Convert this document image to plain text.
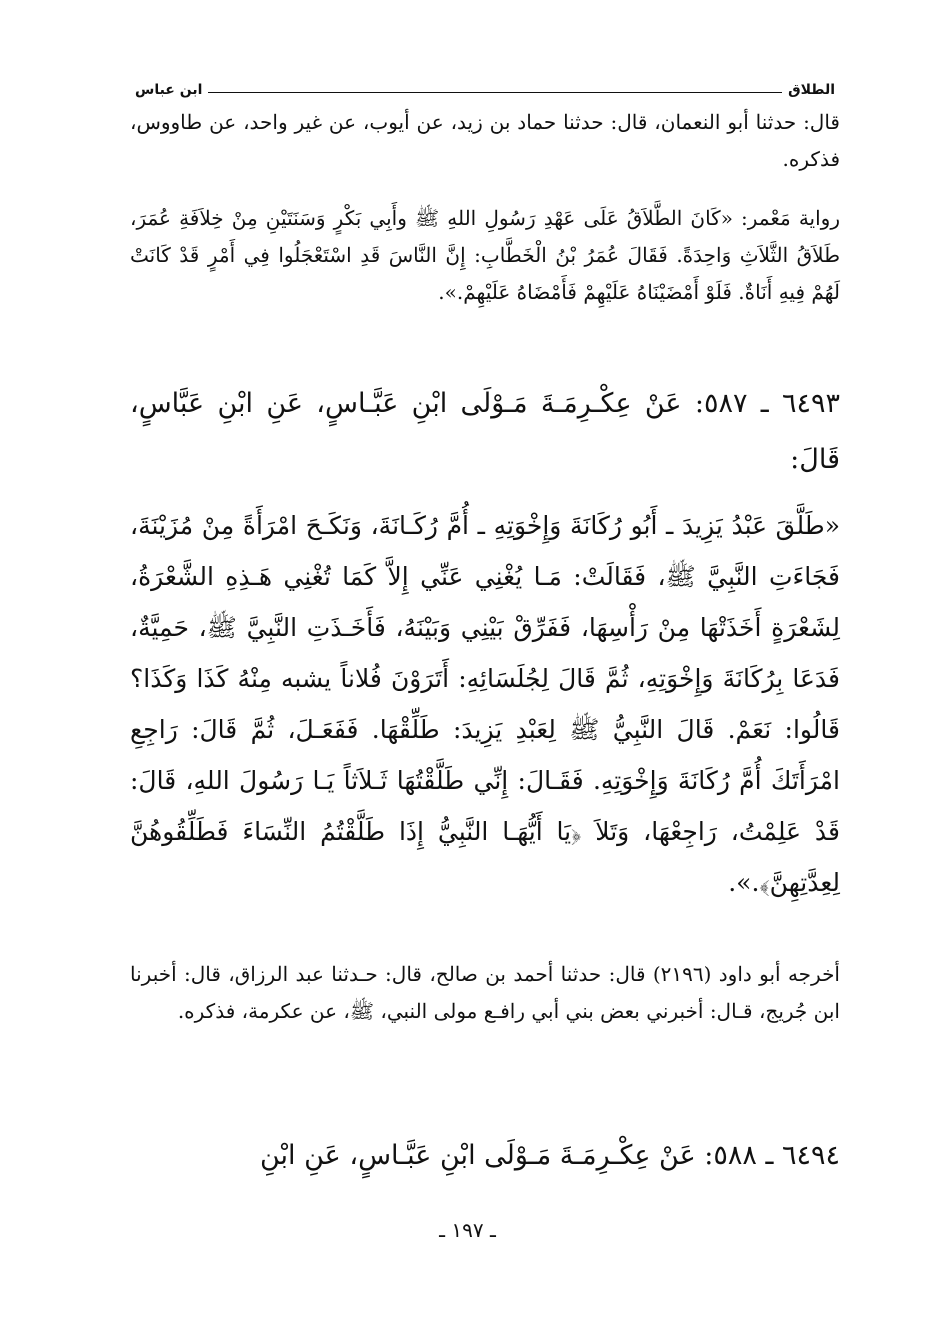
الطلاق
ابن عباس

قال: حدثنا أبو النعمان، قال: حدثنا حماد بن زيد، عن أيوب، عن غير واحد، عن طاووس، فذكره.

رواية مَعْمر: «كَانَ الطَّلاَقُ عَلَى عَهْدِ رَسُولِ اللهِ ﷺ وأَبِي بَكْرٍ وَسَنَتَيْنِ مِنْ خِلاَفَةِ عُمَرَ، طَلاَقُ الثَّلاَثِ وَاحِدَةً. فَقَالَ عُمَرُ بْنُ الْخَطَّابِ: إِنَّ النَّاسَ قَدِ اسْتَعْجَلُوا فِي أَمْرٍ قَدْ كَانَتْ لَهُمْ فِيهِ أَنَاةٌ. فَلَوْ أَمْضَيْنَاهُ عَلَيْهِمْ فَأَمْضَاهُ عَلَيْهِمْ.».

٦٤٩٣ ـ ٥٨٧: عَنْ عِكْـرِمَـةَ مَـوْلَى ابْنِ عَبَّـاسٍ، عَنِ ابْنِ عَبَّاسٍ، قَالَ:

«طَلَّقَ عَبْدُ يَزِيدَ ـ أَبُو رُكَانَةَ وَإِخْوَتِهِ ـ أُمَّ رُكَـانَةَ، وَنَكَـحَ امْرَأَةً مِنْ مُزَيْنَةَ، فَجَاءَتِ النَّبِيَّ ﷺ، فَقَالَتْ: مَـا يُغْنِي عَنِّي إِلاَّ كَمَا تُغْنِي هَـذِهِ الشَّعْرَةُ، لِشَعْرَةٍ أَخَذَتْهَا مِنْ رَأْسِهَا، فَفَرِّقْ بَيْنِي وَبَيْنَهُ، فَأَخَـذَتِ النَّبِيَّ ﷺ، حَمِيَّةٌ، فَدَعَا بِرُكَانَةَ وَإِخْوَتِهِ، ثُمَّ قَالَ لِجُلَسَائِهِ: أَتَرَوْنَ فُلاناً يشبه مِنْهُ كَذَا وَكَذَا؟ قَالُوا: نَعَمْ. قَالَ النَّبِيُّ ﷺ لِعَبْدِ يَزِيدَ: طَلِّقْهَا. فَفَعَـلَ، ثُمَّ قَالَ: رَاجِعِ امْرَأَتَكَ أُمَّ رُكَانَةَ وَإِخْوَتِهِ. فَقَـالَ: إِنِّي طَلَّقْتُهَا ثَـلاَثاً يَـا رَسُولَ اللهِ، قَالَ: قَدْ عَلِمْتُ، رَاجِعْهَا، وَتَلاَ ﴿يَا أَيُّهَـا النَّبِيُّ إِذَا طَلَّقْتُمُ النِّسَاءَ فَطَلِّقُوهُنَّ لِعِدَّتِهِنَّ﴾.».

أخرجه أبو داود (٢١٩٦) قال: حدثنا أحمد بن صالح، قال: حـدثنا عبد الرزاق، قال: أخبرنا ابن جُريج، قـال: أخبرني بعض بني أبي رافـع مولى النبي، ﷺ، عن عكرمة، فذكره.

٦٤٩٤ ـ ٥٨٨: عَنْ عِكْـرِمَـةَ مَـوْلَى ابْنِ عَبَّـاسٍ، عَنِ ابْنِ

ـ ١٩٧ ـ
